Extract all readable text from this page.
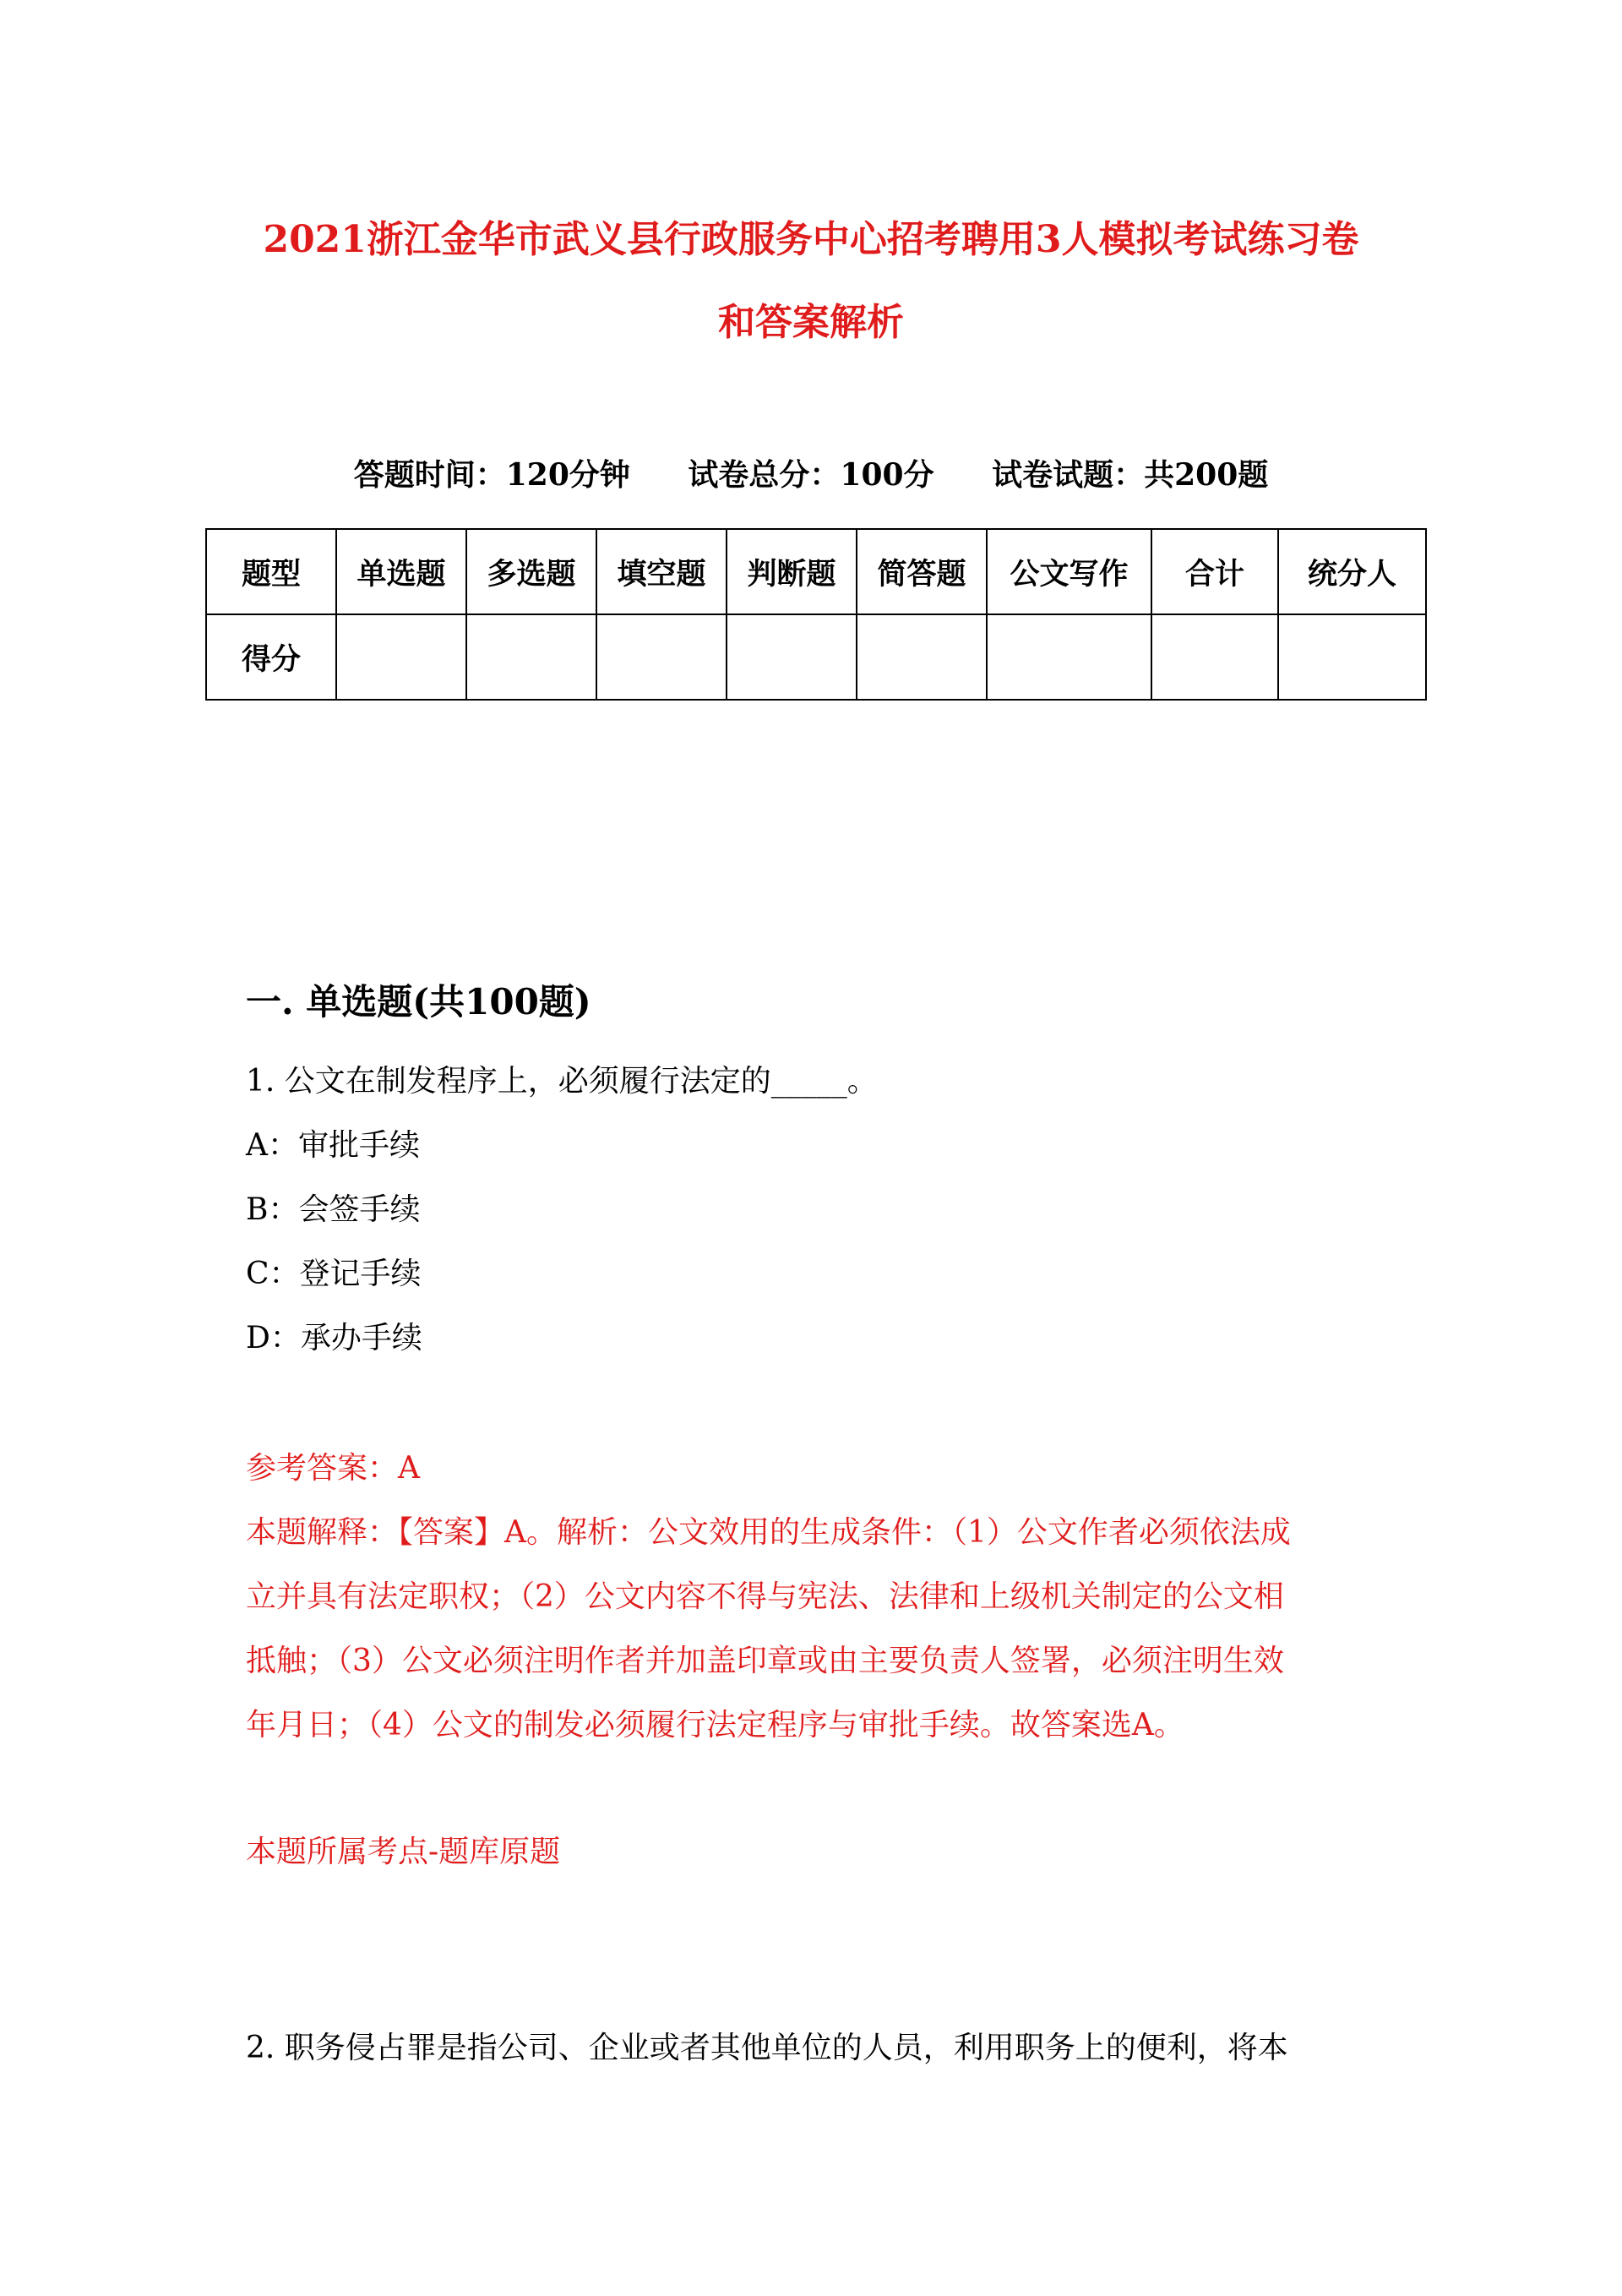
2021浙江金华市武义县行政服务中心招考聘用3人模拟考试练习卷
和答案解析
答题时间：120分钟 试卷总分：100分 试卷试题：共200题
题型	单选题	多选题	填空题	判断题	简答题	公文写作	合计	统分人
得分								
一. 单选题(共100题)
1. 公文在制发程序上，必须履行法定的_____。
A：审批手续
B：会签手续
C：登记手续
D：承办手续
参考答案：A
本题解释：【答案】A。解析：公文效用的生成条件：（1）公文作者必须依法成
立并具有法定职权；（2）公文内容不得与宪法、法律和上级机关制定的公文相
抵触；（3）公文必须注明作者并加盖印章或由主要负责人签署，必须注明生效
年月日；（4）公文的制发必须履行法定程序与审批手续。故答案选A。
本题所属考点-题库原题
2. 职务侵占罪是指公司、企业或者其他单位的人员，利用职务上的便利，将本
